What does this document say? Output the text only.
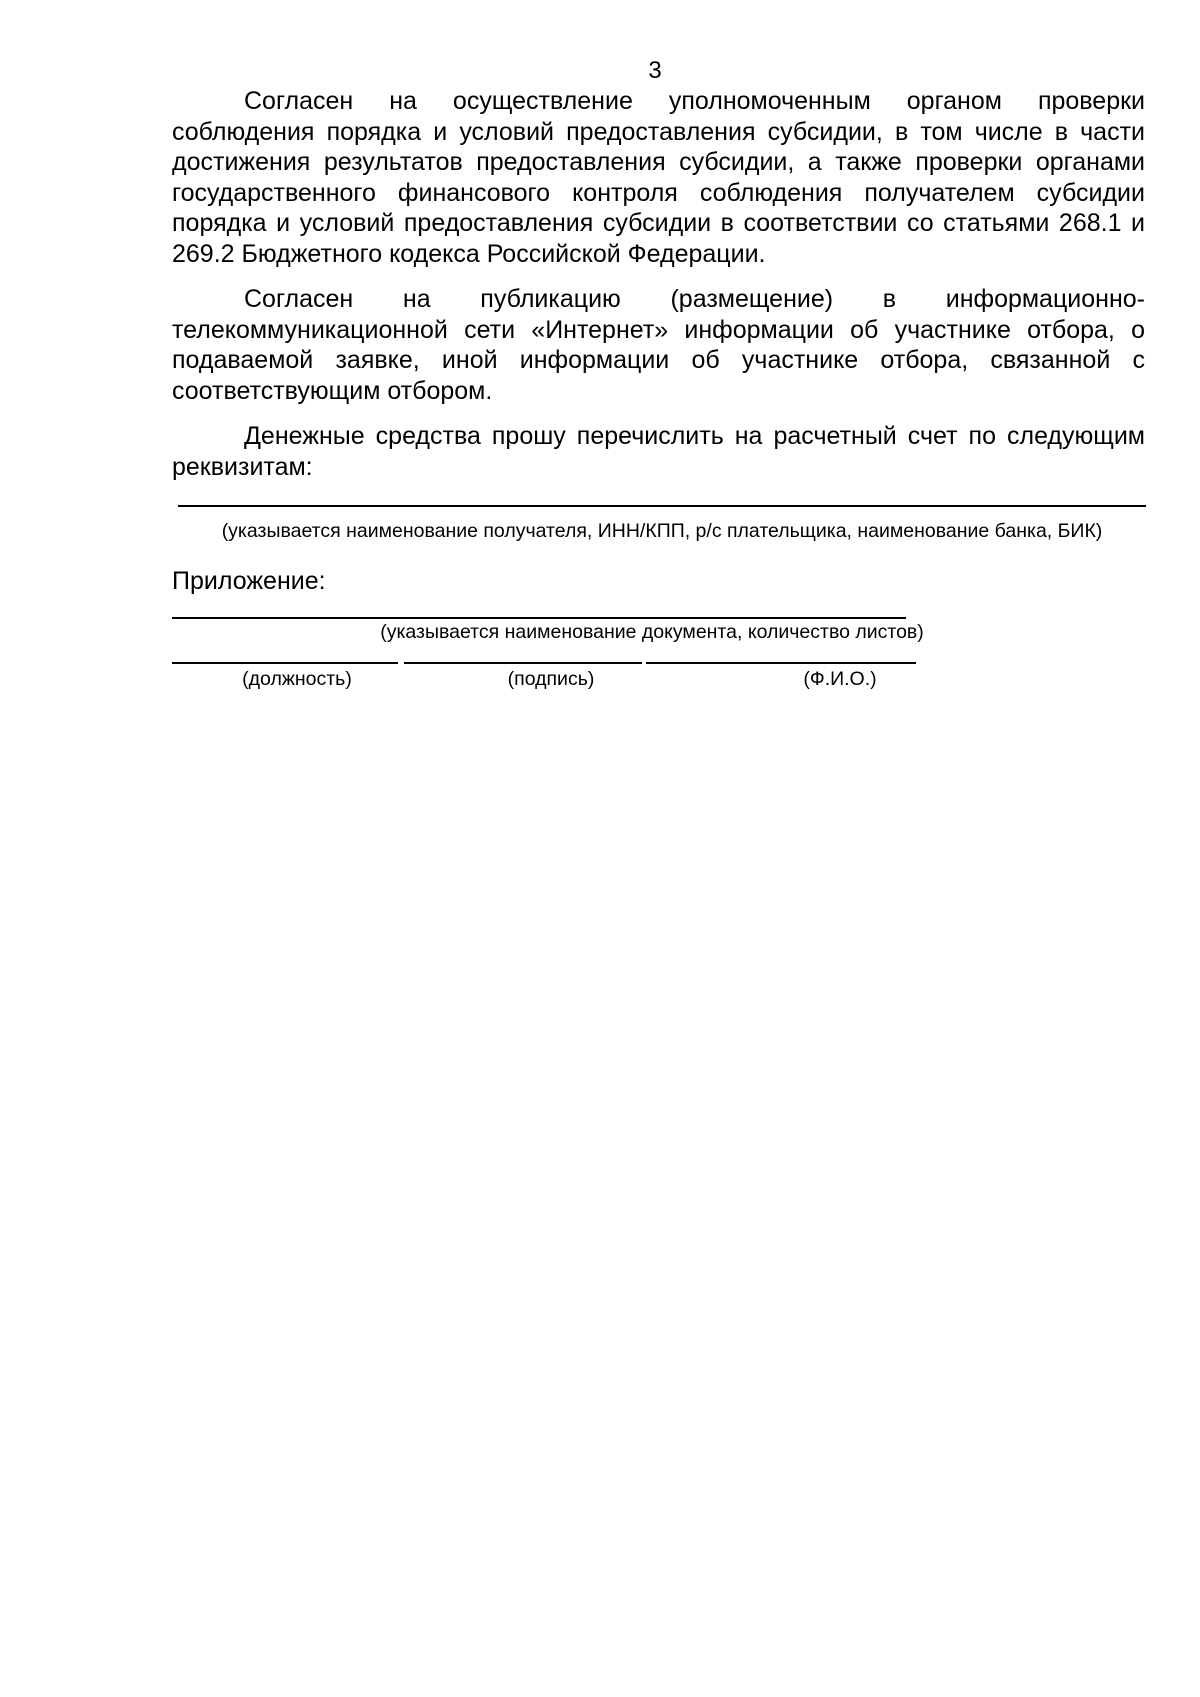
3

Согласен на осуществление уполномоченным органом проверки соблюдения порядка и условий предоставления субсидии, в том числе в части достижения результатов предоставления субсидии, а также проверки органами государственного финансового контроля соблюдения получателем субсидии порядка и условий предоставления субсидии в соответствии со статьями 268.1 и 269.2 Бюджетного кодекса Российской Федерации.

Согласен на публикацию (размещение) в информационно-телекоммуникационной сети «Интернет» информации об участнике отбора, о подаваемой заявке, иной информации об участнике отбора, связанной с соответствующим отбором.

Денежные средства прошу перечислить на расчетный счет по следующим реквизитам:

(указывается наименование получателя, ИНН/КПП, р/с плательщика, наименование банка, БИК)
Приложение:
(указывается наименование документа, количество листов)
(должность)	(подпись)	(Ф.И.О.)
